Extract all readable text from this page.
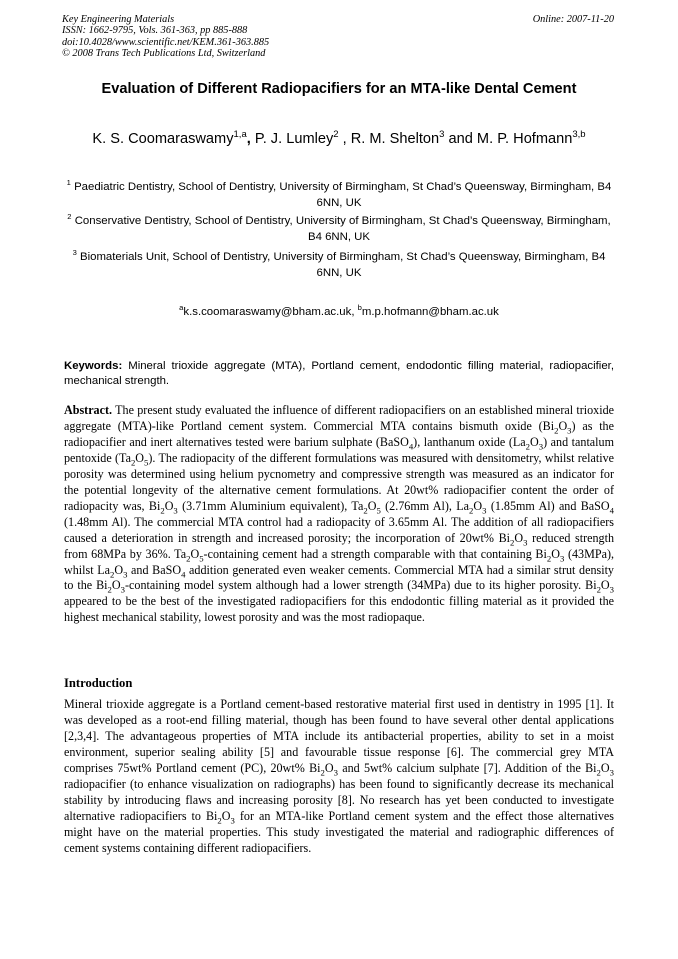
Key Engineering Materials
ISSN: 1662-9795, Vols. 361-363, pp 885-888
doi:10.4028/www.scientific.net/KEM.361-363.885
© 2008 Trans Tech Publications Ltd, Switzerland
Online: 2007-11-20
Evaluation of Different Radiopacifiers for an MTA-like Dental Cement
K. S. Coomaraswamy$^{1,a}$, P. J. Lumley$^2$ , R. M. Shelton$^3$ and M. P. Hofmann$^{3,b}$
$^1$ Paediatric Dentistry, School of Dentistry, University of Birmingham, St Chad’s Queensway, Birmingham, B4 6NN, UK
$^2$ Conservative Dentistry, School of Dentistry, University of Birmingham, St Chad’s Queensway, Birmingham, B4 6NN, UK
$^3$ Biomaterials Unit, School of Dentistry, University of Birmingham, St Chad’s Queensway, Birmingham, B4 6NN, UK
$^a$k.s.coomaraswamy@bham.ac.uk, $^b$m.p.hofmann@bham.ac.uk
Keywords: Mineral trioxide aggregate (MTA), Portland cement, endodontic filling material, radiopacifier, mechanical strength.
Abstract. The present study evaluated the influence of different radiopacifiers on an established mineral trioxide aggregate (MTA)-like Portland cement system. Commercial MTA contains bismuth oxide $(Bi_2O_3)$ as the radiopacifier and inert alternatives tested were barium sulphate (BaSO$_4$), lanthanum oxide $(La_2O_3)$ and tantalum pentoxide $(Ta_2O_5)$. The radiopacity of the different formulations was measured with densitometry, whilst relative porosity was determined using helium pycnometry and compressive strength was measured as an indicator for the potential longevity of the alternative cement formulations. At 20wt% radiopacifier content the order of radiopacity was, $Bi_2O_3$ (3.71mm Aluminium equivalent), $Ta_2O_5$ (2.76mm Al), $La_2O_3$ (1.85mm Al) and BaSO$_4$ (1.48mm Al). The commercial MTA control had a radiopacity of 3.65mm Al. The addition of all radiopacifiers caused a deterioration in strength and increased porosity; the incorporation of 20wt% $Bi_2O_3$ reduced strength from 68MPa by 36%. $Ta_2O_5$-containing cement had a strength comparable with that containing $Bi_2O_3$ (43MPa), whilst $La_2O_3$ and BaSO$_4$ addition generated even weaker cements. Commercial MTA had a similar strut density to the $Bi_2O_3$-containing model system although had a lower strength (34MPa) due to its higher porosity. $Bi_2O_3$ appeared to be the best of the investigated radiopacifiers for this endodontic filling material as it provided the highest mechanical stability, lowest porosity and was the most radiopaque.
Introduction
Mineral trioxide aggregate is a Portland cement-based restorative material first used in dentistry in 1995 [1]. It was developed as a root-end filling material, though has been found to have several other dental applications [2,3,4]. The advantageous properties of MTA include its antibacterial properties, ability to set in a moist environment, superior sealing ability [5] and favourable tissue response [6]. The commercial grey MTA comprises 75wt% Portland cement (PC), 20wt% $Bi_2O_3$ and 5wt% calcium sulphate [7]. Addition of the $Bi_2O_3$ radiopacifier (to enhance visualization on radiographs) has been found to significantly decrease its mechanical stability by introducing flaws and increasing porosity [8]. No research has yet been conducted to investigate alternative radiopacifiers to $Bi_2O_3$ for an MTA-like Portland cement system and the effect those alternatives might have on the material properties. This study investigated the material and radiographic differences of cement systems containing different radiopacifiers.
